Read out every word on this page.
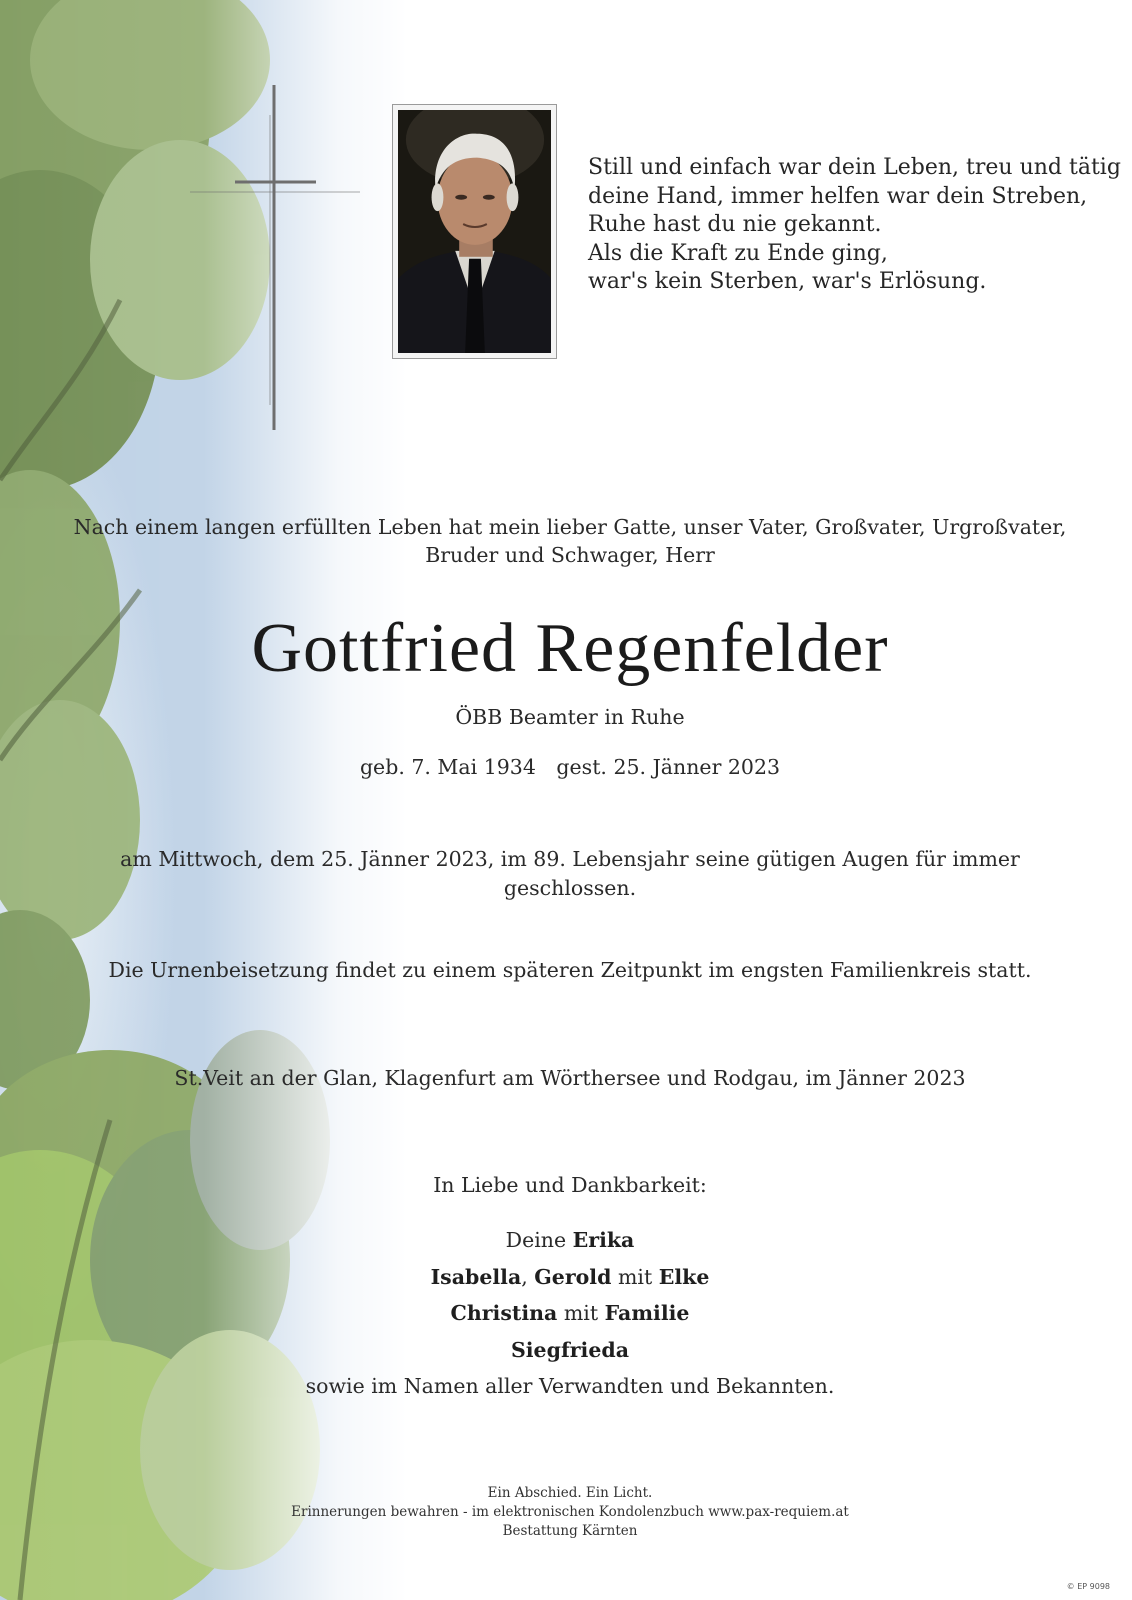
Still und einfach war dein Leben, treu und tätig
deine Hand, immer helfen war dein Streben,
Ruhe hast du nie gekannt.
Als die Kraft zu Ende ging,
war's kein Sterben, war's Erlösung.
Nach einem langen erfüllten Leben hat mein lieber Gatte, unser Vater, Großvater, Urgroßvater,
Bruder und Schwager, Herr
Gottfried Regenfelder
ÖBB Beamter in Ruhe
geb. 7. Mai 1934 gest. 25. Jänner 2023
am Mittwoch, dem 25. Jänner 2023, im 89. Lebensjahr seine gütigen Augen für immer geschlossen.
Die Urnenbeisetzung findet zu einem späteren Zeitpunkt im engsten Familienkreis statt.
St.Veit an der Glan, Klagenfurt am Wörthersee und Rodgau, im Jänner 2023
In Liebe und Dankbarkeit:
Deine Erika
Isabella, Gerold mit Elke
Christina mit Familie
Siegfrieda
sowie im Namen aller Verwandten und Bekannten.
Ein Abschied. Ein Licht.
Erinnerungen bewahren - im elektronischen Kondolenzbuch www.pax-requiem.at
Bestattung Kärnten
© EP 9098
